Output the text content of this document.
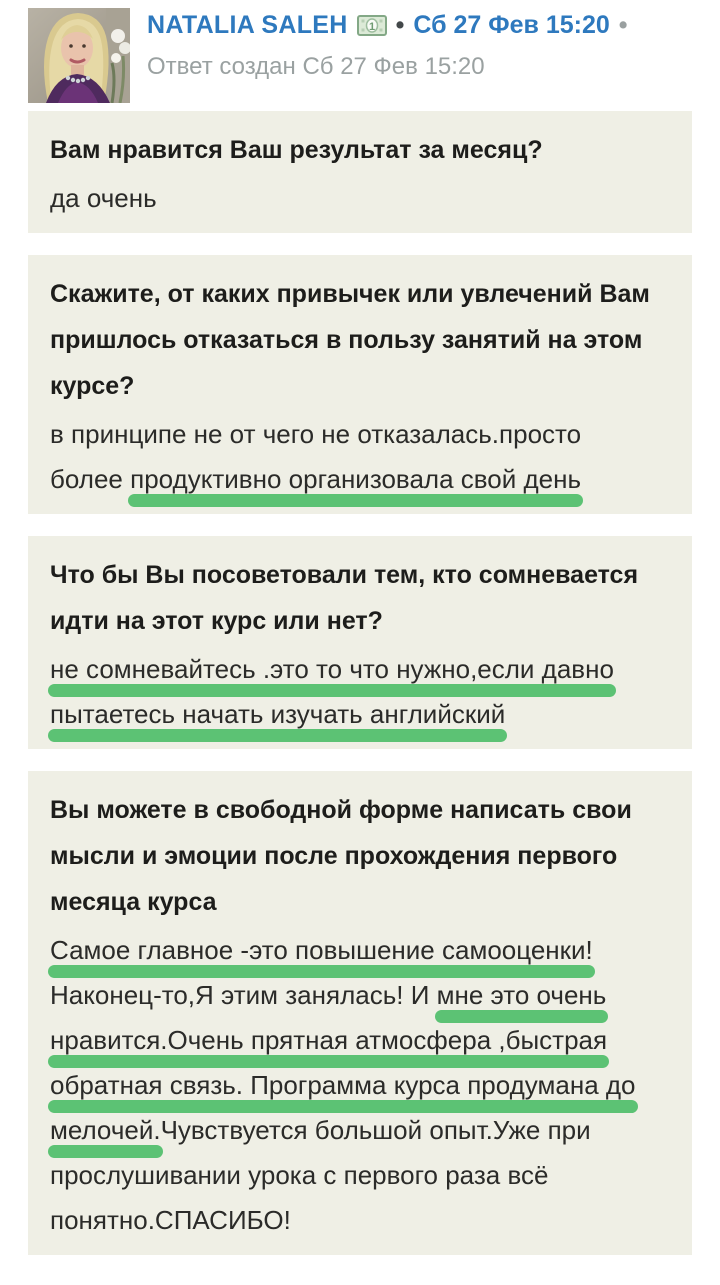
NATALIA SALEH 1 • Сб 27 Фев 15:20 •
Ответ создан Сб 27 Фев 15:20
Вам нравится Ваш результат за месяц?
да очень
Скажите, от каких привычек или увлечений Вам пришлось отказаться в пользу занятий на этом курсе?
в принципе не от чего не отказалась.просто
более продуктивно организовала свой день
Что бы Вы посоветовали тем, кто сомневается идти на этот курс или нет?
не сомневайтесь .это то что нужно,если давно
пытаетесь начать изучать английский
Вы можете в свободной форме написать свои мысли и эмоции после прохождения первого месяца курса
Самое главное -это повышение самооценки!
Наконец-то,Я этим занялась! И мне это очень
нравится.Очень прятная атмосфера ,быстрая
обратная связь. Программа курса продумана до
мелочей.Чувствуется большой опыт.Уже при
прослушивании урока с первого раза всё
понятно.СПАСИБО!
